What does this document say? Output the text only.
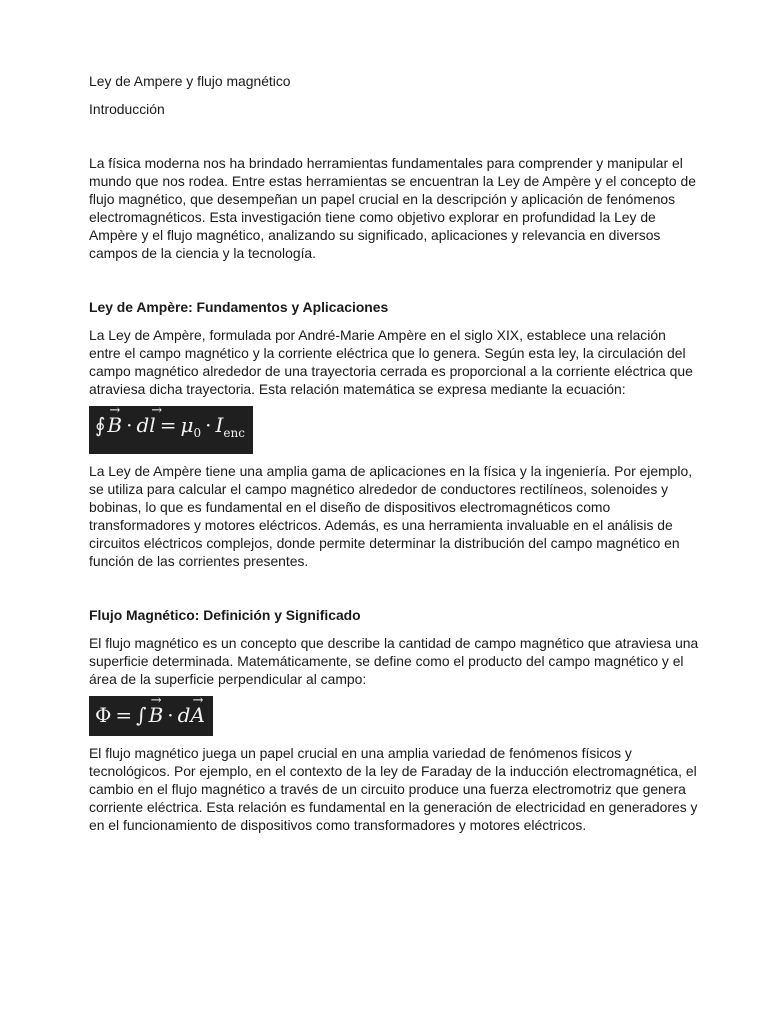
Ley de Ampere y flujo magnético

Introducción

La física moderna nos ha brindado herramientas fundamentales para comprender y manipular el mundo que nos rodea. Entre estas herramientas se encuentran la Ley de Ampère y el concepto de flujo magnético, que desempeñan un papel crucial en la descripción y aplicación de fenómenos electromagnéticos. Esta investigación tiene como objetivo explorar en profundidad la Ley de Ampère y el flujo magnético, analizando su significado, aplicaciones y relevancia en diversos campos de la ciencia y la tecnología.

Ley de Ampère: Fundamentos y Aplicaciones

La Ley de Ampère, formulada por André-Marie Ampère en el siglo XIX, establece una relación entre el campo magnético y la corriente eléctrica que lo genera. Según esta ley, la circulación del campo magnético alrededor de una trayectoria cerrada es proporcional a la corriente eléctrica que atraviesa dicha trayectoria. Esta relación matemática se expresa mediante la ecuación:

∮  → $B \cdot d\to l = \mu_0 \cdot I_{enc}$

La Ley de Ampère tiene una amplia gama de aplicaciones en la física y la ingeniería. Por ejemplo, se utiliza para calcular el campo magnético alrededor de conductores rectilíneos, solenoides y bobinas, lo que es fundamental en el diseño de dispositivos electromagnéticos como transformadores y motores eléctricos. Además, es una herramienta invaluable en el análisis de circuitos eléctricos complejos, donde permite determinar la distribución del campo magnético en función de las corrientes presentes.

Flujo Magnético: Definición y Significado

El flujo magnético es un concepto que describe la cantidad de campo magnético que atraviesa una superficie determinada. Matemáticamente, se define como el producto del campo magnético y el área de la superficie perpendicular al campo:

Φ  =  ∫  → B  ·  d→ A

El flujo magnético juega un papel crucial en una amplia variedad de fenómenos físicos y tecnológicos. Por ejemplo, en el contexto de la ley de Faraday de la inducción electromagnética, el cambio en el flujo magnético a través de un circuito produce una fuerza electromotriz que genera corriente eléctrica. Esta relación es fundamental en la generación de electricidad en generadores y en el funcionamiento de dispositivos como transformadores y motores eléctricos.
